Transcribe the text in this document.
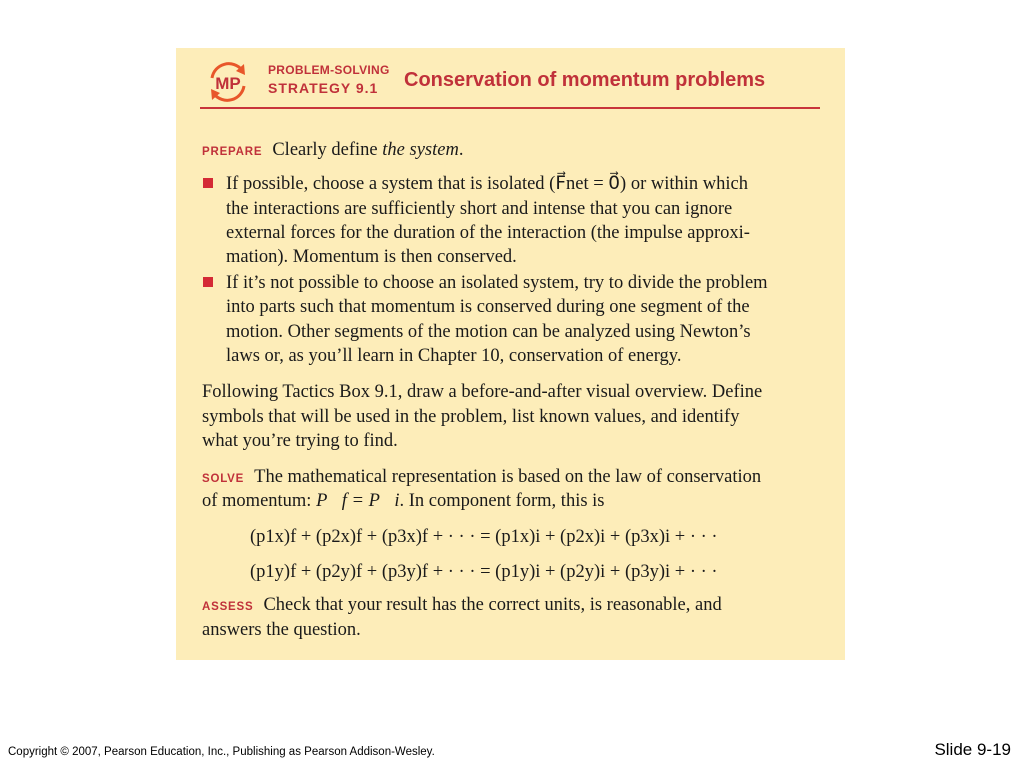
MP
PROBLEM-SOLVING
STRATEGY 9.1 Conservation of momentum problems
PREPARE Clearly define the system.
If possible, choose a system that is isolated (F⃗net = 0⃗) or within which
the interactions are sufficiently short and intense that you can ignore
external forces for the duration of the interaction (the impulse approxi-
mation). Momentum is then conserved.
If it’s not possible to choose an isolated system, try to divide the problem
into parts such that momentum is conserved during one segment of the
motion. Other segments of the motion can be analyzed using Newton’s
laws or, as you’ll learn in Chapter 10, conservation of energy.
Following Tactics Box 9.1, draw a before-and-after visual overview. Define
symbols that will be used in the problem, list known values, and identify
what you’re trying to find.
SOLVE The mathematical representation is based on the law of conservation
of momentum: P⃗f = P⃗i. In component form, this is
(p1x)f + (p2x)f + (p3x)f + · · · = (p1x)i + (p2x)i + (p3x)i + · · ·
(p1y)f + (p2y)f + (p3y)f + · · · = (p1y)i + (p2y)i + (p3y)i + · · ·
ASSESS Check that your result has the correct units, is reasonable, and
answers the question.
Copyright © 2007, Pearson Education, Inc., Publishing as Pearson Addison-Wesley.	Slide 9-19
